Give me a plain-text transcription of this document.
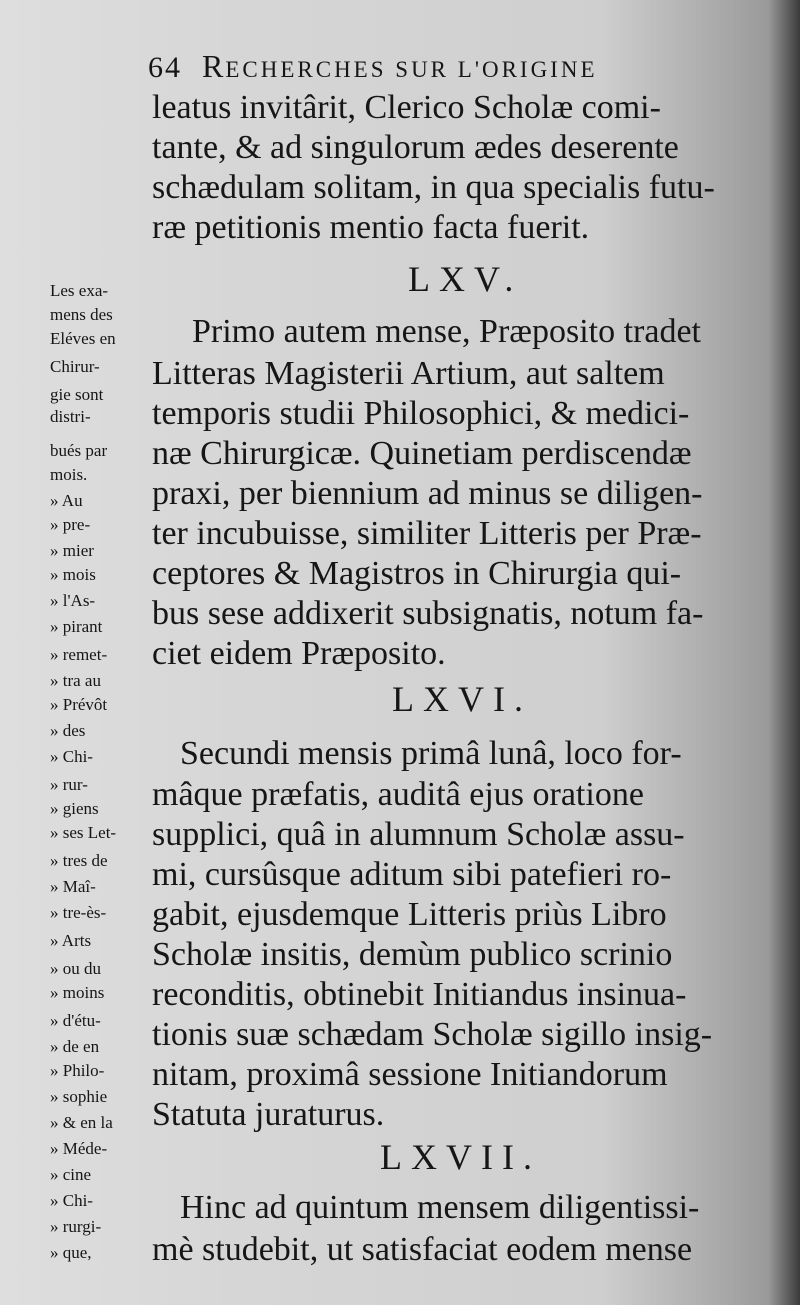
64 RECHERCHES SUR L'ORIGINE
leatus invitârit, Clerico Scholæ comi-
tante, & ad singulorum ædes deserente
schædulam solitam, in qua specialis futu-
ræ petitionis mentio facta fuerit.
LXV.
Primo autem mense, Præposito tradet
Litteras Magisterii Artium, aut saltem
temporis studii Philosophici, & medici-
næ Chirurgicæ. Quinetiam perdiscendæ
praxi, per biennium ad minus se diligen-
ter incubuisse, similiter Litteris per Præ-
ceptores & Magistros in Chirurgia qui-
bus sese addixerit subsignatis, notum fa-
ciet eidem Præposito.
LXVI.
Secundi mensis primâ lunâ, loco for-
mâque præfatis, auditâ ejus oratione
supplici, quâ in alumnum Scholæ assu-
mi, cursûsque aditum sibi patefieri ro-
gabit, ejusdemque Litteris priùs Libro
Scholæ insitis, demùm publico scrinio
reconditis, obtinebit Initiandus insinua-
tionis suæ schædam Scholæ sigillo insig-
nitam, proximâ sessione Initiandorum
Statuta juraturus.
LXVII.
Hinc ad quintum mensem diligentissi-
mè studebit, ut satisfaciat eodem mense
Les exa-
mens des
Eléves en
Chirur-
gie sont
distri-
bués par
mois.
» Au
» pre-
» mier
» mois
» l'As-
» pirant
» remet-
» tra au
» Prévôt
» des
» Chi-
» rur-
» giens
» ses Let-
» tres de
» Maî-
» tre-ès-
» Arts
» ou du
» moins
» d'étu-
» de en
» Philo-
» sophie
» & en la
» Méde-
» cine
» Chi-
» rurgi-
» que,
